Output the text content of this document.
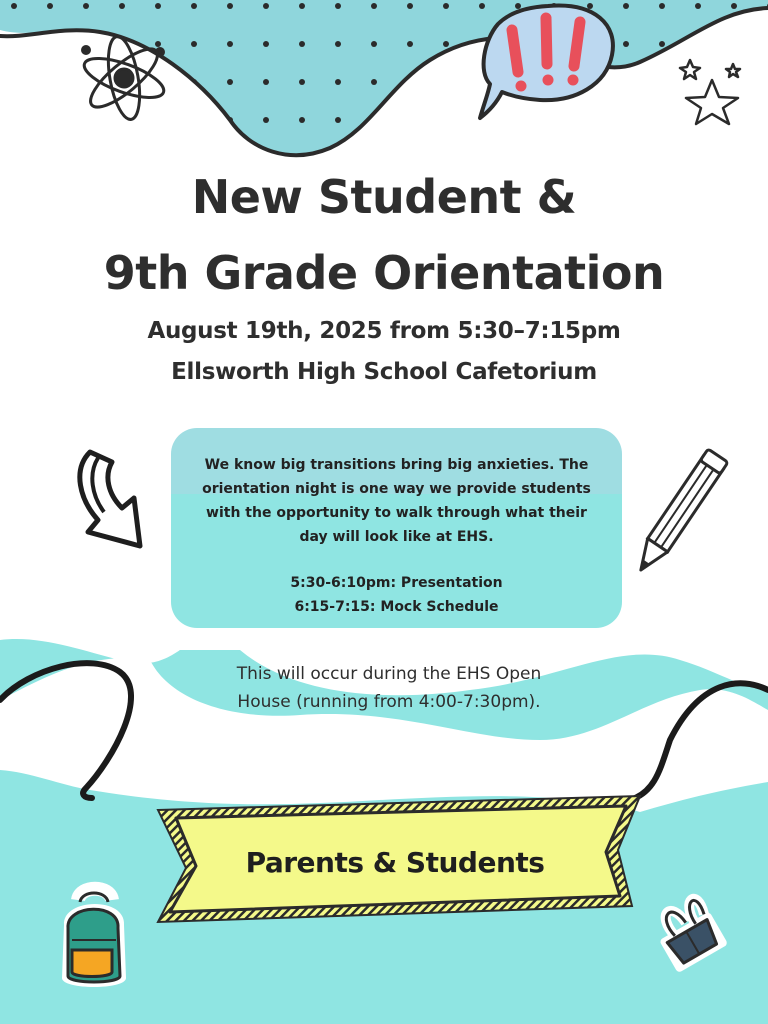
New Student &
9th Grade Orientation
August 19th, 2025 from 5:30–7:15pm
Ellsworth High School Cafetorium

We know big transitions bring big anxieties. The

orientation night is one way we provide students

with the opportunity to walk through what their

day will look like at EHS.

5:30-6:10pm: Presentation

6:15-7:15: Mock Schedule

This will occur during the EHS Open
House (running from 4:00-7:30pm).
Parents & Students
